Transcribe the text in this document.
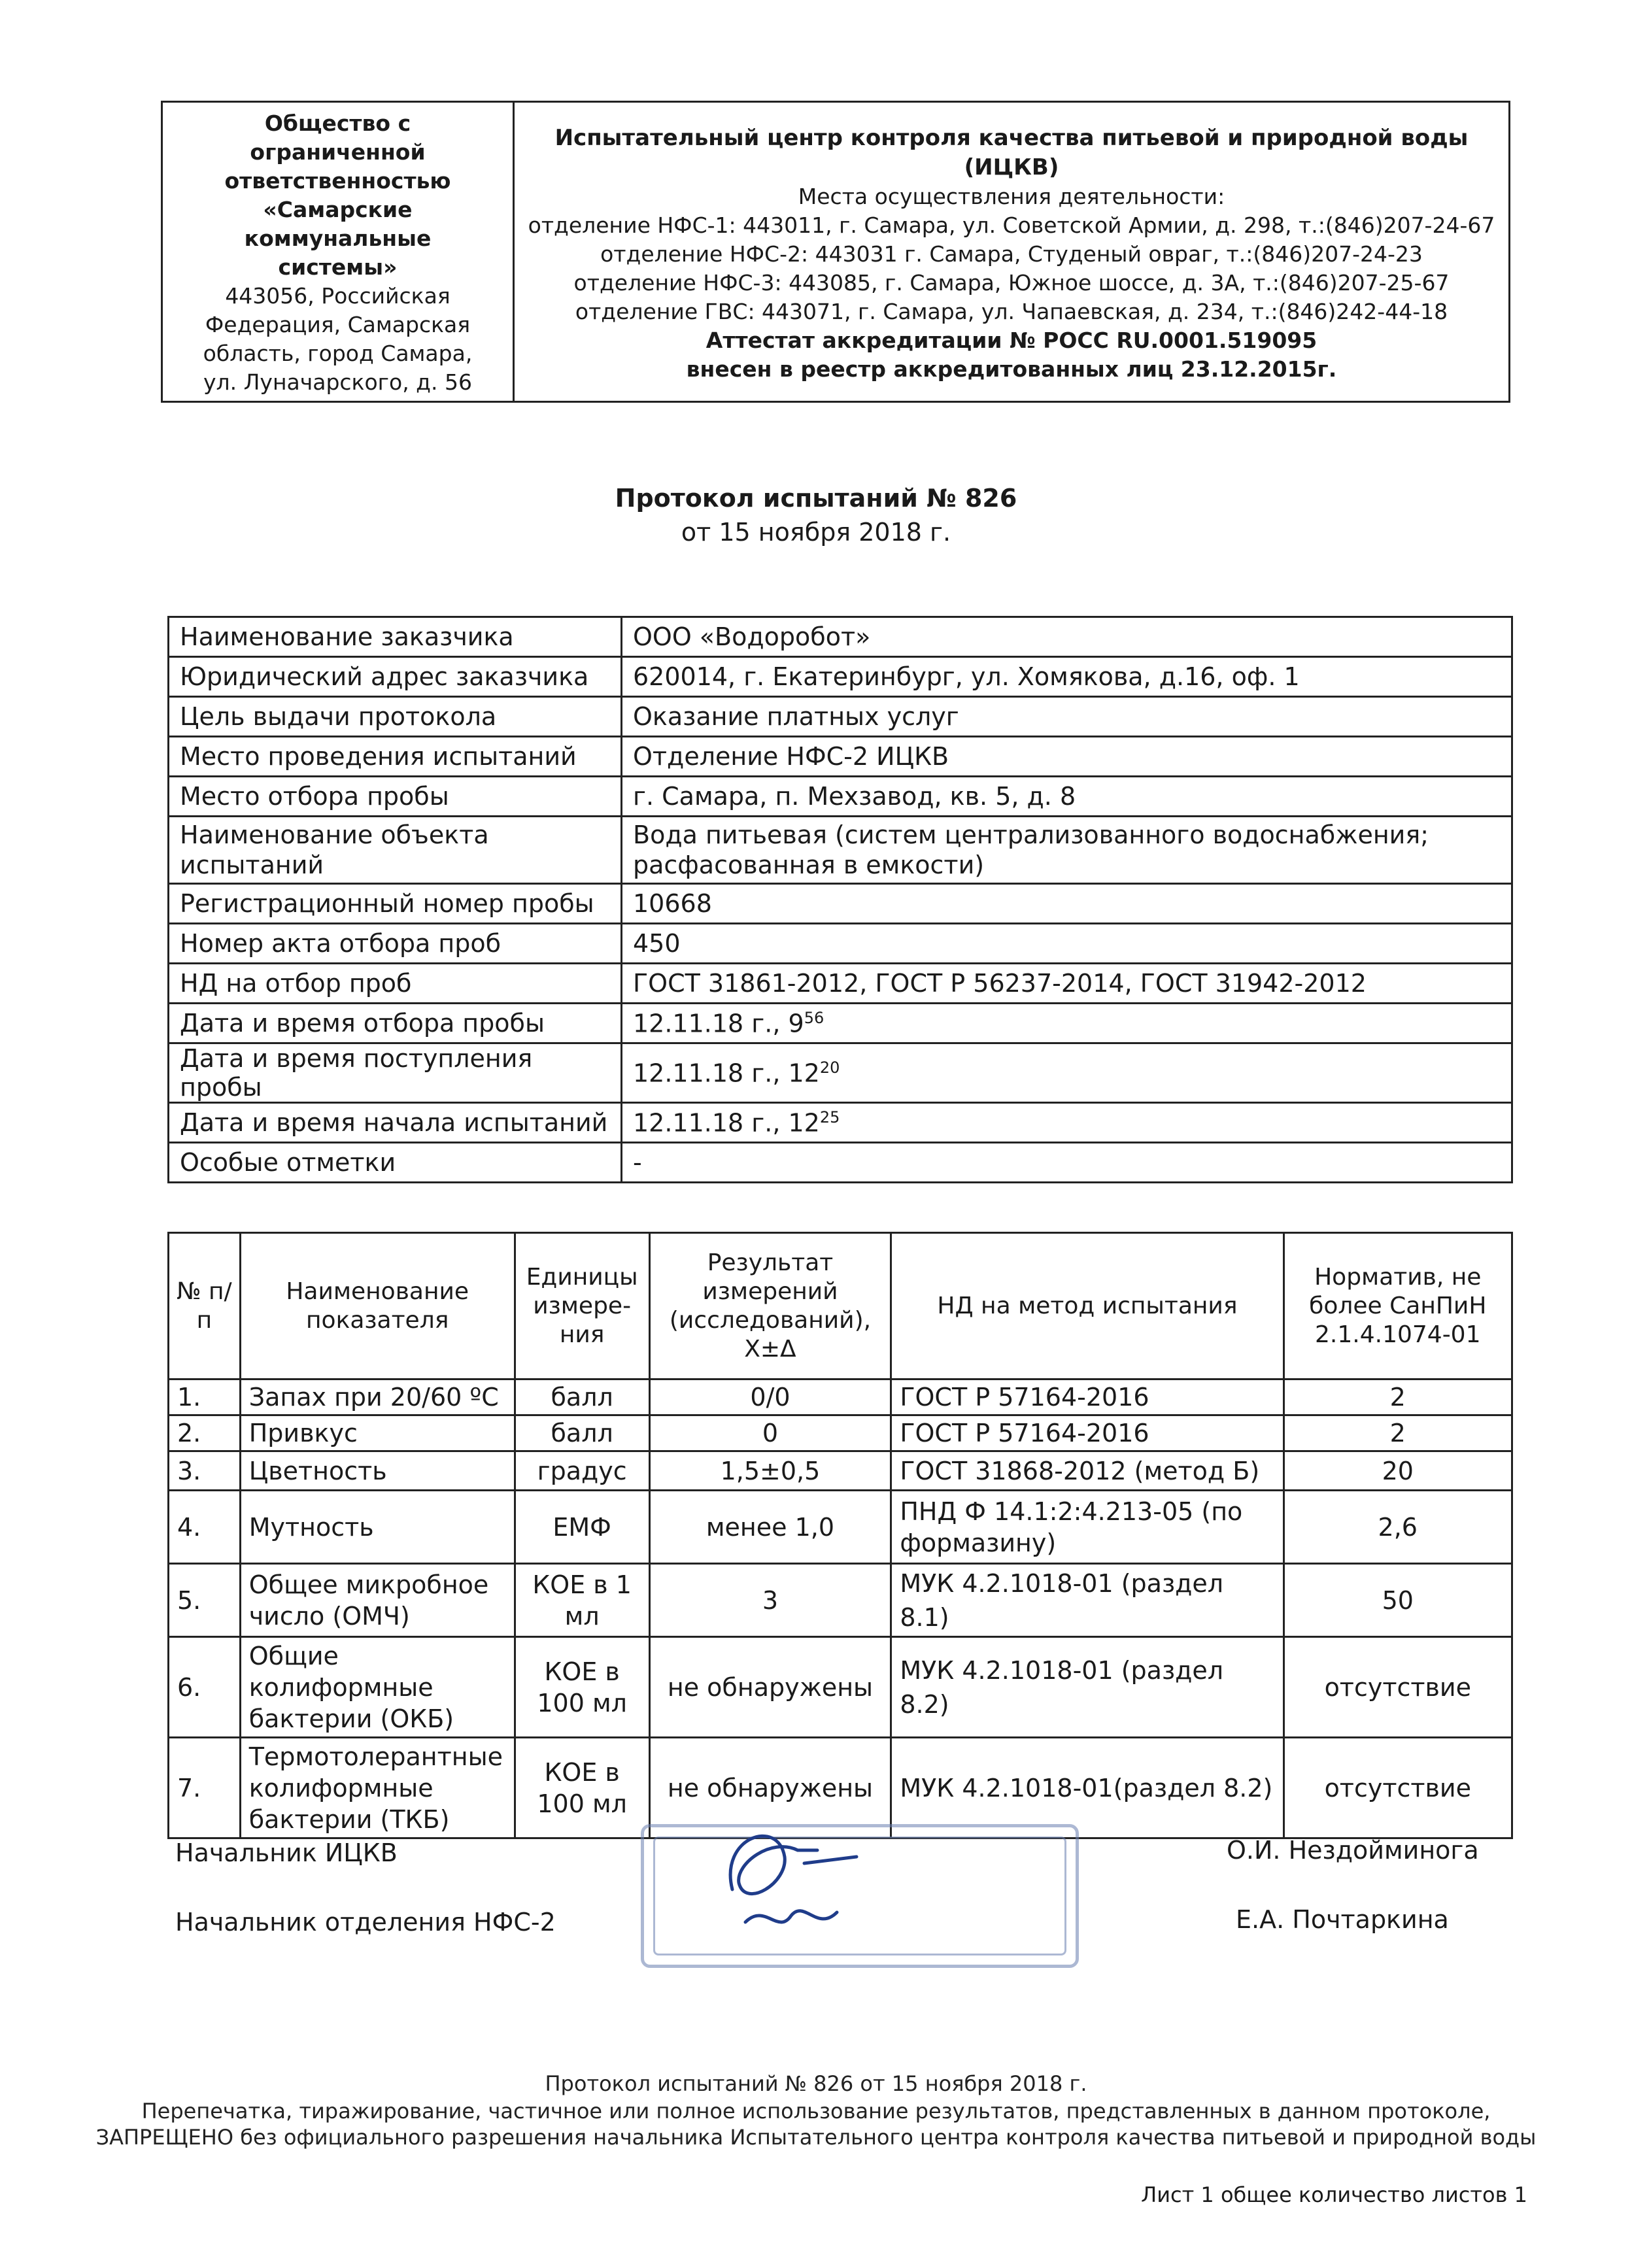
Общество с
ограниченной
ответственностью
«Самарские
коммунальные
системы»
443056, Российская
Федерация, Самарская
область, город Самара,
ул. Луначарского, д. 56
Испытательный центр контроля качества питьевой и природной воды
(ИЦКВ)
Места осуществления деятельности:
отделение НФС-1: 443011, г. Самара, ул. Советской Армии, д. 298, т.:(846)207-24-67
отделение НФС-2: 443031 г. Самара, Студеный овраг, т.:(846)207-24-23
отделение НФС-3: 443085, г. Самара, Южное шоссе, д. 3А, т.:(846)207-25-67
отделение ГВС: 443071, г. Самара, ул. Чапаевская, д. 234, т.:(846)242-44-18
Аттестат аккредитации № РОСС RU.0001.519095
внесен в реестр аккредитованных лиц 23.12.2015г.
Протокол испытаний № 826
от 15 ноября 2018 г.
Наименование заказчика	ООО «Водоробот»
Юридический адрес заказчика	620014, г. Екатеринбург, ул. Хомякова, д.16, оф. 1
Цель выдачи протокола	Оказание платных услуг
Место проведения испытаний	Отделение НФС-2 ИЦКВ
Место отбора пробы	г. Самара, п. Мехзавод, кв. 5, д. 8
Наименование объекта испытаний	Вода питьевая (систем централизованного водоснабжения; расфасованная в емкости)
Регистрационный номер пробы	10668
Номер акта отбора проб	450
НД на отбор проб	ГОСТ 31861-2012, ГОСТ Р 56237-2014, ГОСТ 31942-2012
Дата и время отбора пробы	12.11.18 г., $9^{56}$
Дата и время поступления пробы	12.11.18 г., $12^{20}$
Дата и время начала испытаний	12.11.18 г., $12^{25}$
Особые отметки	-
№ п/п	Наименование показателя	Единицы измере-ния	Результат измерений (исследований), X±Δ	НД на метод испытания	Норматив, не более СанПиН 2.1.4.1074-01
1.	Запах при 20/60 ºС	балл	0/0	ГОСТ Р 57164-2016	2
2.	Привкус	балл	0	ГОСТ Р 57164-2016	2
3.	Цветность	градус	1,5±0,5	ГОСТ 31868-2012 (метод Б)	20
4.	Мутность	ЕМФ	менее 1,0	ПНД Ф 14.1:2:4.213-05 (по формазину)	2,6
5.	Общее микробное число (ОМЧ)	КОЕ в 1 мл	3	МУК 4.2.1018-01 (раздел 8.1)	50
6.	Общие колиформные бактерии (ОКБ)	КОЕ в 100 мл	не обнаружены	МУК 4.2.1018-01 (раздел 8.2)	отсутствие
7.	Термотолерантные колиформные бактерии (ТКБ)	КОЕ в 100 мл	не обнаружены	МУК 4.2.1018-01(раздел 8.2)	отсутствие
Начальник ИЦКВ	О.И. Нездойминога
Начальник отделения НФС-2	Е.А. Почтаркина
Протокол испытаний № 826 от 15 ноября 2018 г.
Перепечатка, тиражирование, частичное или полное использование результатов, представленных в данном протоколе,
ЗАПРЕЩЕНО без официального разрешения начальника Испытательного центра контроля качества питьевой и природной воды
Лист 1 общее количество листов 1
